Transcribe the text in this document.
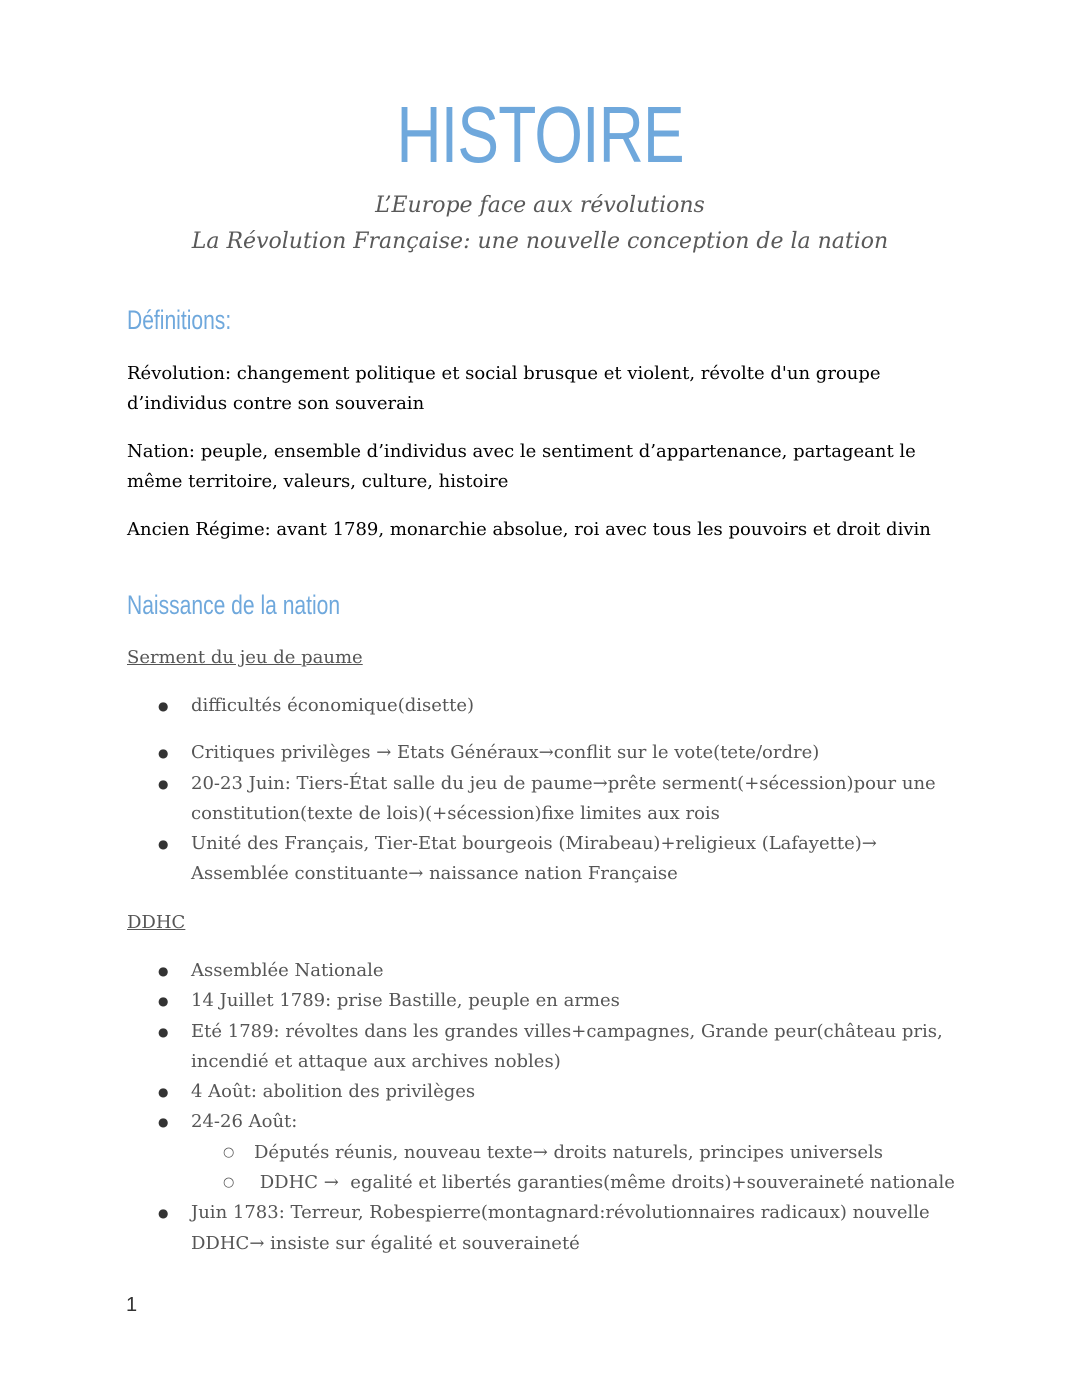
HISTOIRE
L’Europe face aux révolutions
La Révolution Française: une nouvelle conception de la nation
Définitions:
Révolution: changement politique et social brusque et violent, révolte d'un groupe d’individus contre son souverain
Nation: peuple, ensemble d’individus avec le sentiment d’appartenance, partageant le même territoire, valeurs, culture, histoire
Ancien Régime: avant 1789, monarchie absolue, roi avec tous les pouvoirs et droit divin
Naissance de la nation
Serment du jeu de paume
● difficultés économique(disette)
● Critiques privilèges → Etats Généraux→conflit sur le vote(tete/ordre)
● 20-23 Juin: Tiers-État salle du jeu de paume→prête serment(+sécession)pour une constitution(texte de lois)(+sécession)fixe limites aux rois
● Unité des Français, Tier-Etat bourgeois (Mirabeau)+religieux (Lafayette)→ Assemblée constituante→ naissance nation Française
DDHC
● Assemblée Nationale
● 14 Juillet 1789: prise Bastille, peuple en armes
● Eté 1789: révoltes dans les grandes villes+campagnes, Grande peur(château pris, incendié et attaque aux archives nobles)
● 4 Août: abolition des privilèges
● 24-26 Août:
○ Députés réunis, nouveau texte→ droits naturels, principes universels
○  DDHC →  egalité et libertés garanties(même droits)+souveraineté nationale
● Juin 1783: Terreur, Robespierre(montagnard:révolutionnaires radicaux) nouvelle DDHC→ insiste sur égalité et souveraineté
1
